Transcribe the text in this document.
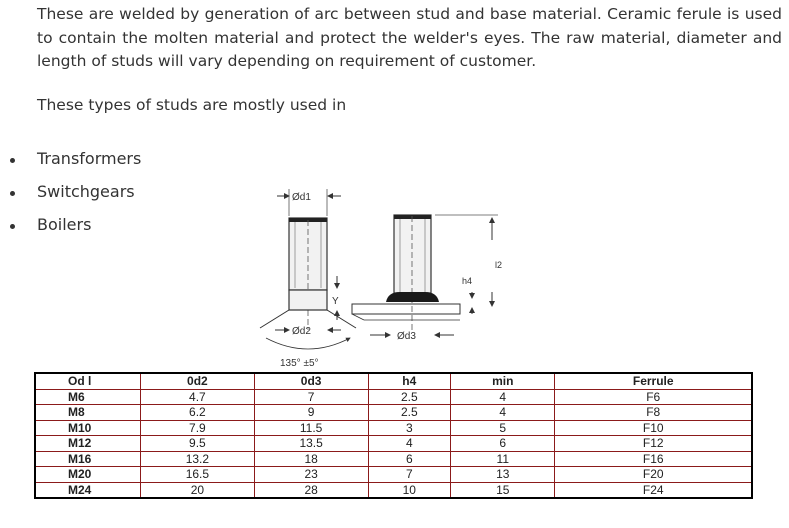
These are welded by generation of arc between stud and base material. Ceramic ferule is used to contain the molten material and protect the welder's eyes. The raw material, diameter and length of studs will vary depending on requirement of customer.

These types of studs are mostly used in

Transformers
Switchgears
Boilers
Ød1
Ød2
Y
135° ±5°
Ød3
l2
h4
Od l	0d2	0d3	h4	min	Ferrule
M6	4.7	7	2.5	4	F6
M8	6.2	9	2.5	4	F8
M10	7.9	11.5	3	5	F10
M12	9.5	13.5	4	6	F12
M16	13.2	18	6	11	F16
M20	16.5	23	7	13	F20
M24	20	28	10	15	F24
